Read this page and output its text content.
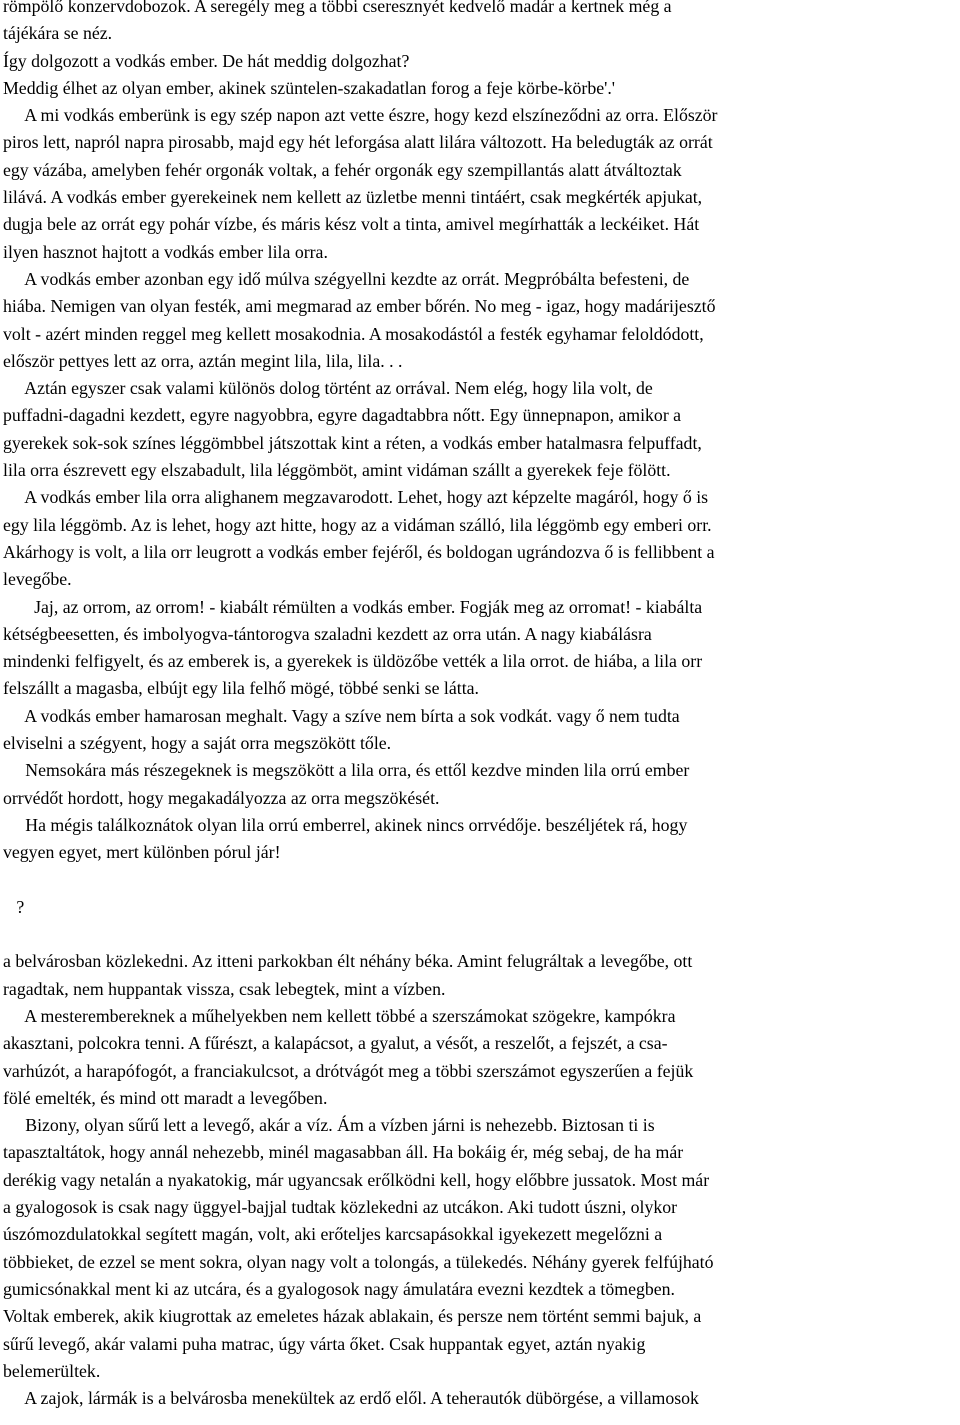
römpölő konzervdobozok. A seregély meg a többi cseresznyét kedvelő madár a kertnek még a
tájékára se néz.
Így dolgozott a vodkás ember. De hát meddig dolgozhat?
Meddig élhet az olyan ember, akinek szüntelen-szakadatlan forog a feje körbe-körbe'.'
A mi vodkás emberünk is egy szép napon azt vette észre, hogy kezd elszíneződni az orra. Először
piros lett, napról napra pirosabb, majd egy hét leforgása alatt lilára változott. Ha beledugták az orrát
egy vázába, amelyben fehér orgonák voltak, a fehér orgonák egy szempillantás alatt átváltoztak
lilává. A vodkás ember gyerekeinek nem kellett az üzletbe menni tintáért, csak megkérték apjukat,
dugja bele az orrát egy pohár vízbe, és máris kész volt a tinta, amivel megírhatták a leckéiket. Hát
ilyen hasznot hajtott a vodkás ember lila orra.
A vodkás ember azonban egy idő múlva szégyellni kezdte az orrát. Megpróbálta befesteni, de
hiába. Nemigen van olyan festék, ami megmarad az ember bőrén. No meg - igaz, hogy madárijesztő
volt - azért minden reggel meg kellett mosakodnia. A mosakodástól a festék egyhamar feloldódott,
először pettyes lett az orra, aztán megint lila, lila, lila. . .
Aztán egyszer csak valami különös dolog történt az orrával. Nem elég, hogy lila volt, de
puffadni-dagadni kezdett, egyre nagyobbra, egyre dagadtabbra nőtt. Egy ünnepnapon, amikor a
gyerekek sok-sok színes léggömbbel játszottak kint a réten, a vodkás ember hatalmasra felpuffadt,
lila orra észrevett egy elszabadult, lila léggömböt, amint vidáman szállt a gyerekek feje fölött.
A vodkás ember lila orra alighanem megzavarodott. Lehet, hogy azt képzelte magáról, hogy ő is
egy lila léggömb. Az is lehet, hogy azt hitte, hogy az a vidáman szálló, lila léggömb egy emberi orr.
Akárhogy is volt, a lila orr leugrott a vodkás ember fejéről, és boldogan ugrándozva ő is fellibbent a
levegőbe.
Jaj, az orrom, az orrom! - kiabált rémülten a vodkás ember. Fogják meg az orromat! - kiabálta
kétségbeesetten, és imbolyogva-tántorogva szaladni kezdett az orra után. A nagy kiabálásra
mindenki felfigyelt, és az emberek is, a gyerekek is üldözőbe vették a lila orrot. de hiába, a lila orr
felszállt a magasba, elbújt egy lila felhő mögé, többé senki se látta.
A vodkás ember hamarosan meghalt. Vagy a szíve nem bírta a sok vodkát. vagy ő nem tudta
elviselni a szégyent, hogy a saját orra megszökött tőle.
Nemsokára más részegeknek is megszökött a lila orra, és ettől kezdve minden lila orrú ember
orrvédőt hordott, hogy megakadályozza az orra megszökését.
Ha mégis találkoznátok olyan lila orrú emberrel, akinek nincs orrvédője. beszéljétek rá, hogy
vegyen egyet, mert különben pórul jár!
?
a belvárosban közlekedni. Az itteni parkokban élt néhány béka. Amint felugráltak a levegőbe, ott
ragadtak, nem huppantak vissza, csak lebegtek, mint a vízben.
A mesterembereknek a műhelyekben nem kellett többé a szerszámokat szögekre, kampókra
akasztani, polcokra tenni. A fűrészt, a kalapácsot, a gyalut, a vésőt, a reszelőt, a fejszét, a csa-
varhúzót, a harapófogót, a franciakulcsot, a drótvágót meg a többi szerszámot egyszerűen a fejük
fölé emelték, és mind ott maradt a levegőben.
Bizony, olyan sűrű lett a levegő, akár a víz. Ám a vízben járni is nehezebb. Biztosan ti is
tapasztaltátok, hogy annál nehezebb, minél magasabban áll. Ha bokáig ér, még sebaj, de ha már
derékig vagy netalán a nyakatokig, már ugyancsak erőlködni kell, hogy előbbre jussatok. Most már
a gyalogosok is csak nagy üggyel-bajjal tudtak közlekedni az utcákon. Aki tudott úszni, olykor
úszómozdulatokkal segített magán, volt, aki erőteljes karcsapásokkal igyekezett megelőzni a
többieket, de ezzel se ment sokra, olyan nagy volt a tolongás, a tülekedés. Néhány gyerek felfújható
gumicsónakkal ment ki az utcára, és a gyalogosok nagy ámulatára evezni kezdtek a tömegben.
Voltak emberek, akik kiugrottak az emeletes házak ablakain, és persze nem történt semmi bajuk, a
sűrű levegő, akár valami puha matrac, úgy várta őket. Csak huppantak egyet, aztán nyakig
belemerültek.
A zajok, lármák is a belvárosba menekültek az erdő elől. A teherautók dübörgése, a villamosok
